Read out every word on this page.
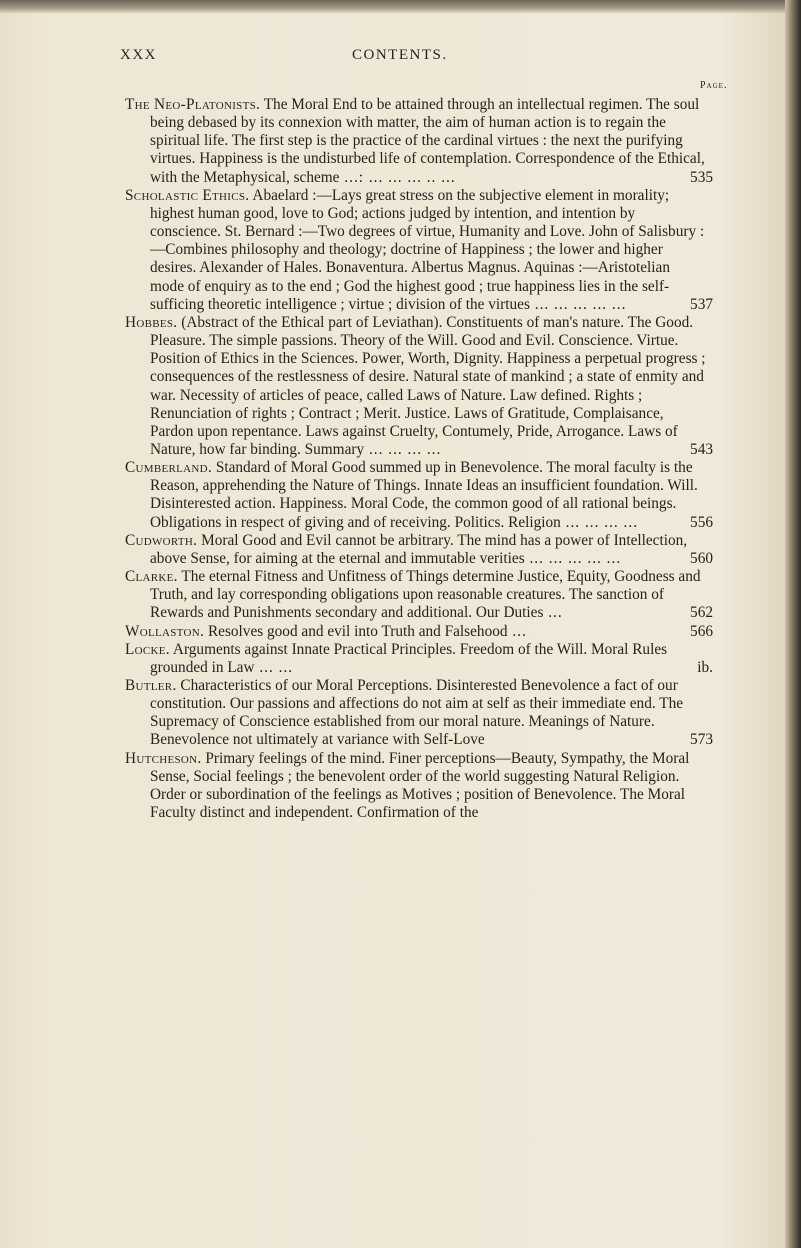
XXX	CONTENTS.
Page.
The Neo-Platonists. The Moral End to be attained through an intellectual regimen. The soul being debased by its connexion with matter, the aim of human action is to regain the spiritual life. The first step is the practice of the cardinal virtues : the next the purifying virtues. Happiness is the undisturbed life of contemplation. Correspondence of the Ethical, with the Metaphysical, scheme ...: ... ... ... .. ...	535
Scholastic Ethics. Abaelard :—Lays great stress on the subjective element in morality; highest human good, love to God; actions judged by intention, and intention by conscience. St. Bernard :—Two degrees of virtue, Humanity and Love. John of Salisbury :—Combines philosophy and theology; doctrine of Happiness ; the lower and higher desires. Alexander of Hales. Bonaventura. Albertus Magnus. Aquinas :—Aristotelian mode of enquiry as to the end ; God the highest good ; true happiness lies in the self-sufficing theoretic intelligence ; virtue ; division of the virtues ... ... ... ... ...	537
Hobbes. (Abstract of the Ethical part of Leviathan). Constituents of man's nature. The Good. Pleasure. The simple passions. Theory of the Will. Good and Evil. Conscience. Virtue. Position of Ethics in the Sciences. Power, Worth, Dignity. Happiness a perpetual progress ; consequences of the restlessness of desire. Natural state of mankind ; a state of enmity and war. Necessity of articles of peace, called Laws of Nature. Law defined. Rights ; Renunciation of rights ; Contract ; Merit. Justice. Laws of Gratitude, Complaisance, Pardon upon repentance. Laws against Cruelty, Contumely, Pride, Arrogance. Laws of Nature, how far binding. Summary ... ... ... ...	543
Cumberland. Standard of Moral Good summed up in Benevolence. The moral faculty is the Reason, apprehending the Nature of Things. Innate Ideas an insufficient foundation. Will. Disinterested action. Happiness. Moral Code, the common good of all rational beings. Obligations in respect of giving and of receiving. Politics. Religion ... ... ... ...	556
Cudworth. Moral Good and Evil cannot be arbitrary. The mind has a power of Intellection, above Sense, for aiming at the eternal and immutable verities ... ... ... ... ...	560
Clarke. The eternal Fitness and Unfitness of Things determine Justice, Equity, Goodness and Truth, and lay corresponding obligations upon reasonable creatures. The sanction of Rewards and Punishments secondary and additional. Our Duties ...	562
Wollaston. Resolves good and evil into Truth and Falsehood ...	566
Locke. Arguments against Innate Practical Principles. Freedom of the Will. Moral Rules grounded in Law ... ...	ib.
Butler. Characteristics of our Moral Perceptions. Disinterested Benevolence a fact of our constitution. Our passions and affections do not aim at self as their immediate end. The Supremacy of Conscience established from our moral nature. Meanings of Nature. Benevolence not ultimately at variance with Self-Love	573
Hutcheson. Primary feelings of the mind. Finer perceptions—Beauty, Sympathy, the Moral Sense, Social feelings ; the benevolent order of the world suggesting Natural Religion. Order or subordination of the feelings as Motives ; position of Benevolence. The Moral Faculty distinct and independent. Confirmation of the
